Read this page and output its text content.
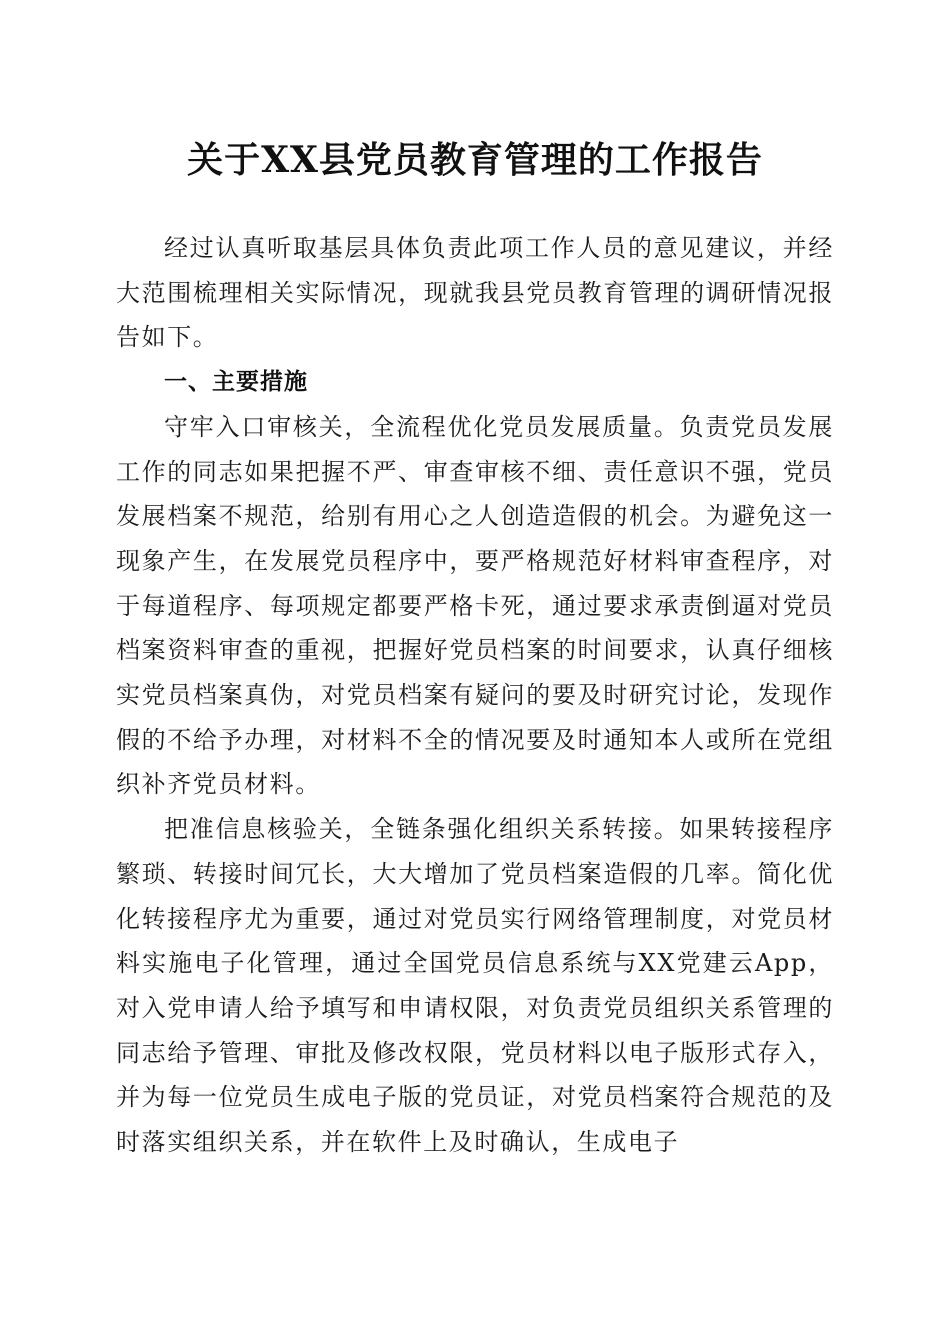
关于XX县党员教育管理的工作报告

经过认真听取基层具体负责此项工作人员的意见建议，并经大范围梳理相关实际情况，现就我县党员教育管理的调研情况报告如下。

一、主要措施

守牢入口审核关，全流程优化党员发展质量。负责党员发展工作的同志如果把握不严、审查审核不细、责任意识不强，党员发展档案不规范，给别有用心之人创造造假的机会。为避免这一现象产生，在发展党员程序中，要严格规范好材料审查程序，对于每道程序、每项规定都要严格卡死，通过要求承责倒逼对党员档案资料审查的重视，把握好党员档案的时间要求，认真仔细核实党员档案真伪，对党员档案有疑问的要及时研究讨论，发现作假的不给予办理，对材料不全的情况要及时通知本人或所在党组织补齐党员材料。

把准信息核验关，全链条强化组织关系转接。如果转接程序繁琐、转接时间冗长，大大增加了党员档案造假的几率。简化优化转接程序尤为重要，通过对党员实行网络管理制度，对党员材料实施电子化管理，通过全国党员信息系统与XX党建云App，对入党申请人给予填写和申请权限，对负责党员组织关系管理的同志给予管理、审批及修改权限，党员材料以电子版形式存入，并为每一位党员生成电子版的党员证，对党员档案符合规范的及时落实组织关系，并在软件上及时确认，生成电子
